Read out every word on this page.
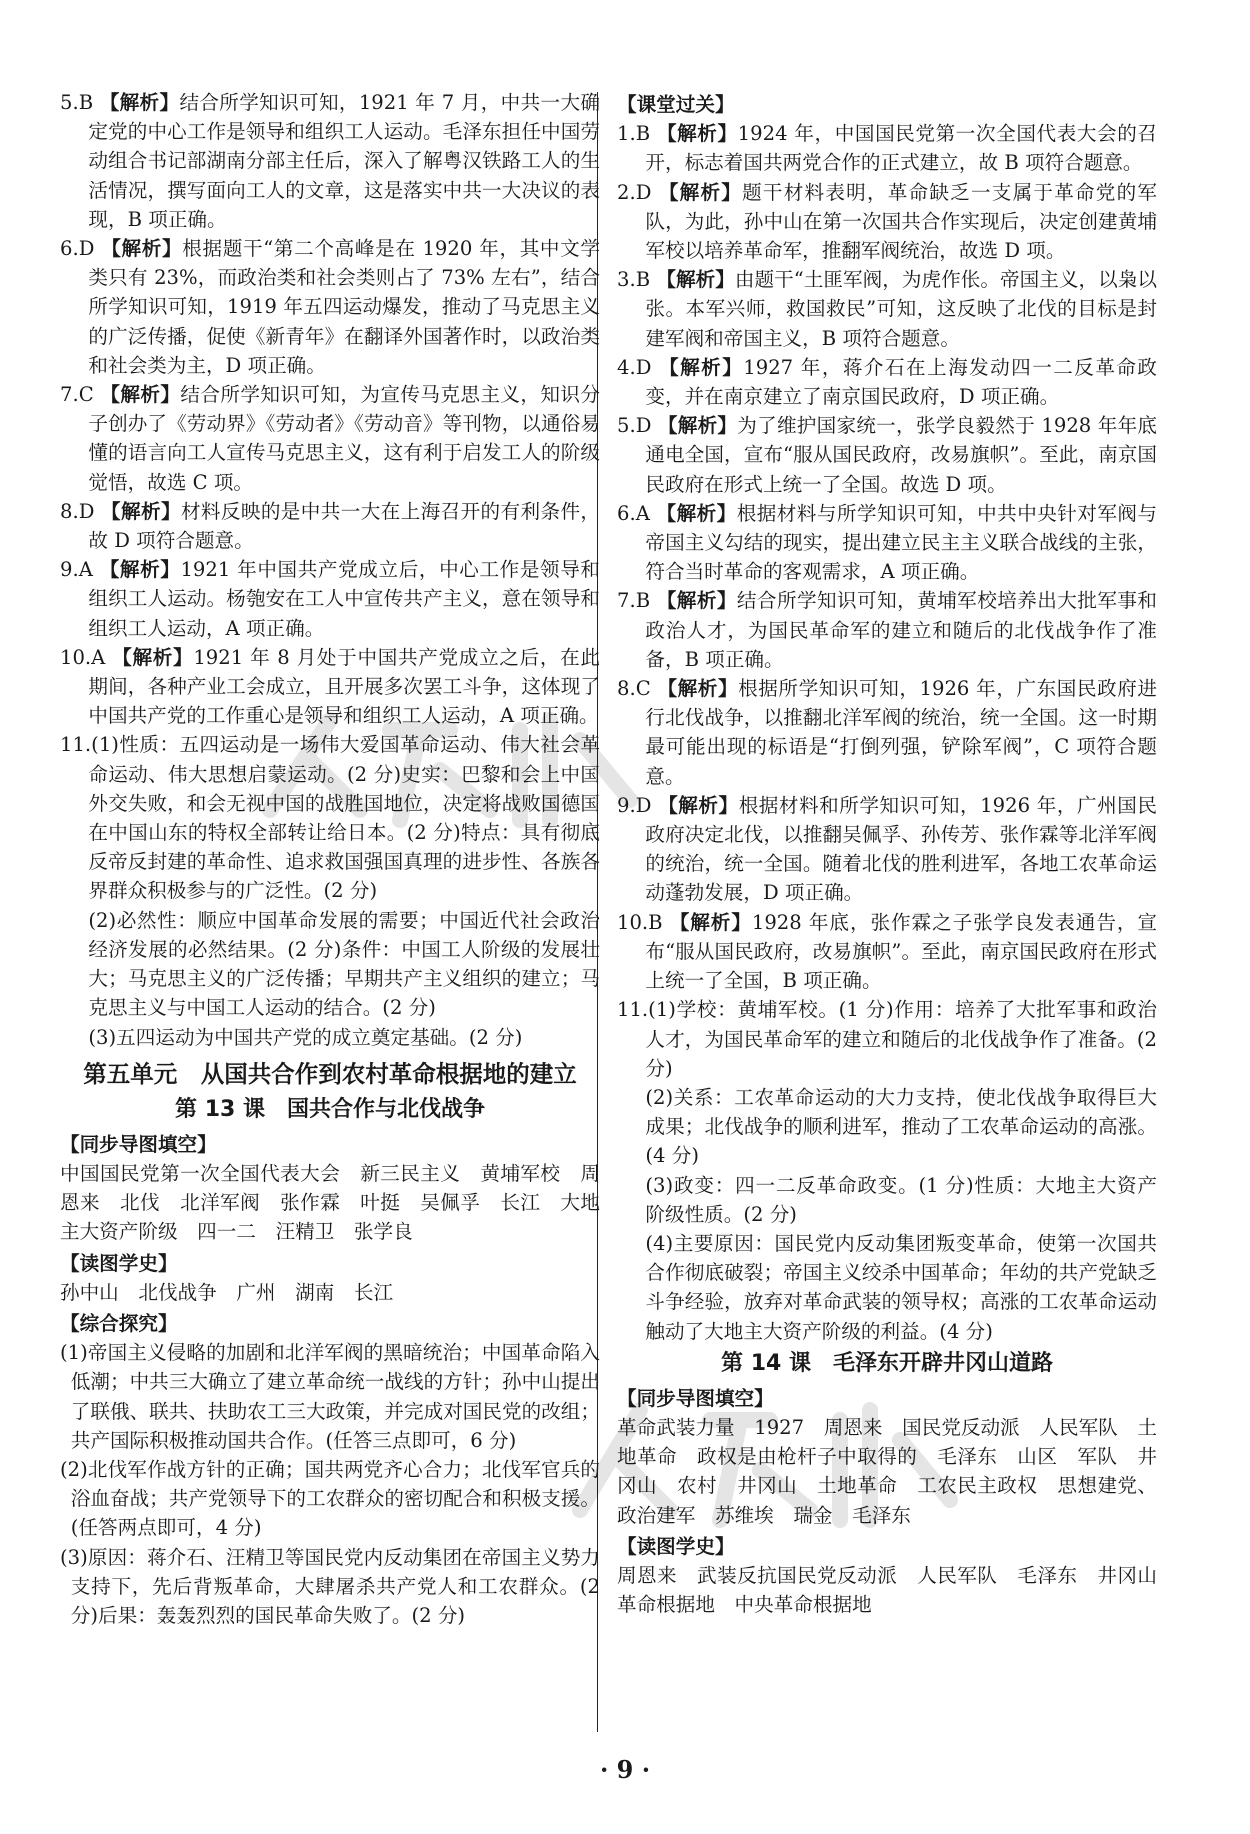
5.B 【解析】结合所学知识可知，1921 年 7 月，中共一大确定党的中心工作是领导和组织工人运动。毛泽东担任中国劳动组合书记部湖南分部主任后，深入了解粤汉铁路工人的生活情况，撰写面向工人的文章，这是落实中共一大决议的表现，B 项正确。
6.D 【解析】根据题干“第二个高峰是在 1920 年，其中文学类只有 23%，而政治类和社会类则占了 73% 左右”，结合所学知识可知，1919 年五四运动爆发，推动了马克思主义的广泛传播，促使《新青年》在翻译外国著作时，以政治类和社会类为主，D 项正确。
7.C 【解析】结合所学知识可知，为宣传马克思主义，知识分子创办了《劳动界》《劳动者》《劳动音》等刊物，以通俗易懂的语言向工人宣传马克思主义，这有利于启发工人的阶级觉悟，故选 C 项。
8.D 【解析】材料反映的是中共一大在上海召开的有利条件，故 D 项符合题意。
9.A 【解析】1921 年中国共产党成立后，中心工作是领导和组织工人运动。杨匏安在工人中宣传共产主义，意在领导和组织工人运动，A 项正确。
10.A 【解析】1921 年 8 月处于中国共产党成立之后，在此期间，各种产业工会成立，且开展多次罢工斗争，这体现了中国共产党的工作重心是领导和组织工人运动，A 项正确。
11.(1)性质：五四运动是一场伟大爱国革命运动、伟大社会革命运动、伟大思想启蒙运动。(2 分)史实：巴黎和会上中国外交失败，和会无视中国的战胜国地位，决定将战败国德国在中国山东的特权全部转让给日本。(2 分)特点：具有彻底反帝反封建的革命性、追求救国强国真理的进步性、各族各界群众积极参与的广泛性。(2 分)
(2)必然性：顺应中国革命发展的需要；中国近代社会政治经济发展的必然结果。(2 分)条件：中国工人阶级的发展壮大；马克思主义的广泛传播；早期共产主义组织的建立；马克思主义与中国工人运动的结合。(2 分)
(3)五四运动为中国共产党的成立奠定基础。(2 分)
第五单元　从国共合作到农村革命根据地的建立
第 13 课　国共合作与北伐战争
【同步导图填空】
中国国民党第一次全国代表大会　新三民主义　黄埔军校　周恩来　北伐　北洋军阀　张作霖　叶挺　吴佩孚　长江　大地主大资产阶级　四一二　汪精卫　张学良
【读图学史】
孙中山　北伐战争　广州　湖南　长江
【综合探究】
(1)帝国主义侵略的加剧和北洋军阀的黑暗统治；中国革命陷入低潮；中共三大确立了建立革命统一战线的方针；孙中山提出了联俄、联共、扶助农工三大政策，并完成对国民党的改组；共产国际积极推动国共合作。(任答三点即可，6 分)
(2)北伐军作战方针的正确；国共两党齐心合力；北伐军官兵的浴血奋战；共产党领导下的工农群众的密切配合和积极支援。(任答两点即可，4 分)
(3)原因：蒋介石、汪精卫等国民党内反动集团在帝国主义势力支持下，先后背叛革命，大肆屠杀共产党人和工农群众。(2 分)后果：轰轰烈烈的国民革命失败了。(2 分)
【课堂过关】
1.B 【解析】1924 年，中国国民党第一次全国代表大会的召开，标志着国共两党合作的正式建立，故 B 项符合题意。
2.D 【解析】题干材料表明，革命缺乏一支属于革命党的军队，为此，孙中山在第一次国共合作实现后，决定创建黄埔军校以培养革命军，推翻军阀统治，故选 D 项。
3.B 【解析】由题干“土匪军阀，为虎作伥。帝国主义，以枭以张。本军兴师，救国救民”可知，这反映了北伐的目标是封建军阀和帝国主义，B 项符合题意。
4.D 【解析】1927 年，蒋介石在上海发动四一二反革命政变，并在南京建立了南京国民政府，D 项正确。
5.D 【解析】为了维护国家统一，张学良毅然于 1928 年年底通电全国，宣布“服从国民政府，改易旗帜”。至此，南京国民政府在形式上统一了全国。故选 D 项。
6.A 【解析】根据材料与所学知识可知，中共中央针对军阀与帝国主义勾结的现实，提出建立民主主义联合战线的主张，符合当时革命的客观需求，A 项正确。
7.B 【解析】结合所学知识可知，黄埔军校培养出大批军事和政治人才，为国民革命军的建立和随后的北伐战争作了准备，B 项正确。
8.C 【解析】根据所学知识可知，1926 年，广东国民政府进行北伐战争，以推翻北洋军阀的统治，统一全国。这一时期最可能出现的标语是“打倒列强，铲除军阀”，C 项符合题意。
9.D 【解析】根据材料和所学知识可知，1926 年，广州国民政府决定北伐，以推翻吴佩孚、孙传芳、张作霖等北洋军阀的统治，统一全国。随着北伐的胜利进军，各地工农革命运动蓬勃发展，D 项正确。
10.B 【解析】1928 年底，张作霖之子张学良发表通告，宣布“服从国民政府，改易旗帜”。至此，南京国民政府在形式上统一了全国，B 项正确。
11.(1)学校：黄埔军校。(1 分)作用：培养了大批军事和政治人才，为国民革命军的建立和随后的北伐战争作了准备。(2 分)
(2)关系：工农革命运动的大力支持，使北伐战争取得巨大成果；北伐战争的顺利进军，推动了工农革命运动的高涨。(4 分)
(3)政变：四一二反革命政变。(1 分)性质：大地主大资产阶级性质。(2 分)
(4)主要原因：国民党内反动集团叛变革命，使第一次国共合作彻底破裂；帝国主义绞杀中国革命；年幼的共产党缺乏斗争经验，放弃对革命武装的领导权；高涨的工农革命运动触动了大地主大资产阶级的利益。(4 分)
第 14 课　毛泽东开辟井冈山道路
【同步导图填空】
革命武装力量　1927　周恩来　国民党反动派　人民军队　土地革命　政权是由枪杆子中取得的　毛泽东　山区　军队　井冈山　农村　井冈山　土地革命　工农民主政权　思想建党、政治建军　苏维埃　瑞金　毛泽东
【读图学史】
周恩来　武装反抗国民党反动派　人民军队　毛泽东　井冈山革命根据地　中央革命根据地
· 9 ·
